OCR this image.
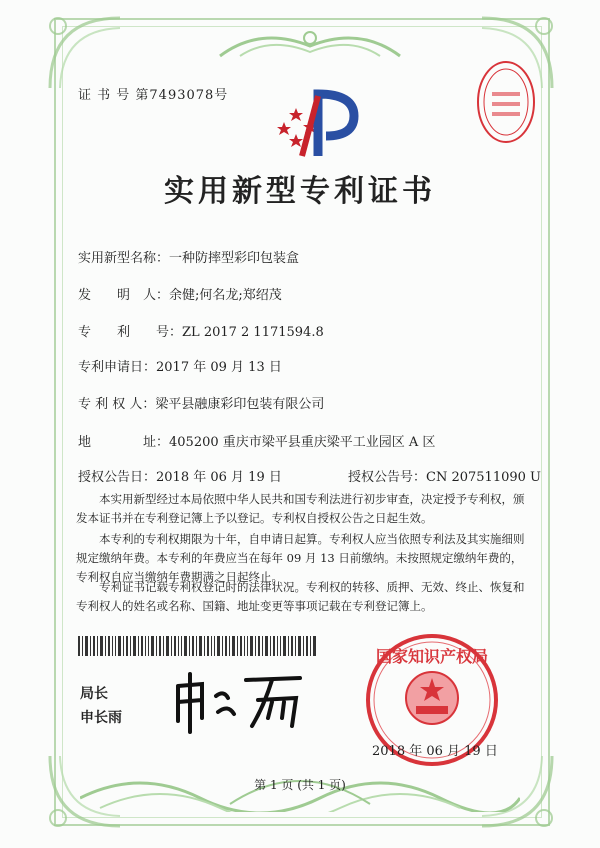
证 书 号 第7493078号
实用新型专利证书
实用新型名称：一种防摔型彩印包装盒
发　　明　人：余健;何名龙;郑绍茂
专　　利　　号：ZL 2017 2 1171594.8
专利申请日：2017 年 09 月 13 日
专 利 权 人：梁平县融康彩印包装有限公司
地　　　　址：405200 重庆市梁平县重庆梁平工业园区 A 区
授权公告日：2018 年 06 月 19 日	授权公告号：CN 207511090 U
本实用新型经过本局依照中华人民共和国专利法进行初步审查，决定授予专利权，颁发本证书并在专利登记簿上予以登记。专利权自授权公告之日起生效。
本专利的专利权期限为十年，自申请日起算。专利权人应当依照专利法及其实施细则规定缴纳年费。本专利的年费应当在每年 09 月 13 日前缴纳。未按照规定缴纳年费的，专利权自应当缴纳年费期满之日起终止。
专利证书记载专利权登记时的法律状况。专利权的转移、质押、无效、终止、恢复和专利权人的姓名或名称、国籍、地址变更等事项记载在专利登记簿上。
局长
申长雨
国家知识产权局
2018 年 06 月 19 日
第 1 页 (共 1 页)
